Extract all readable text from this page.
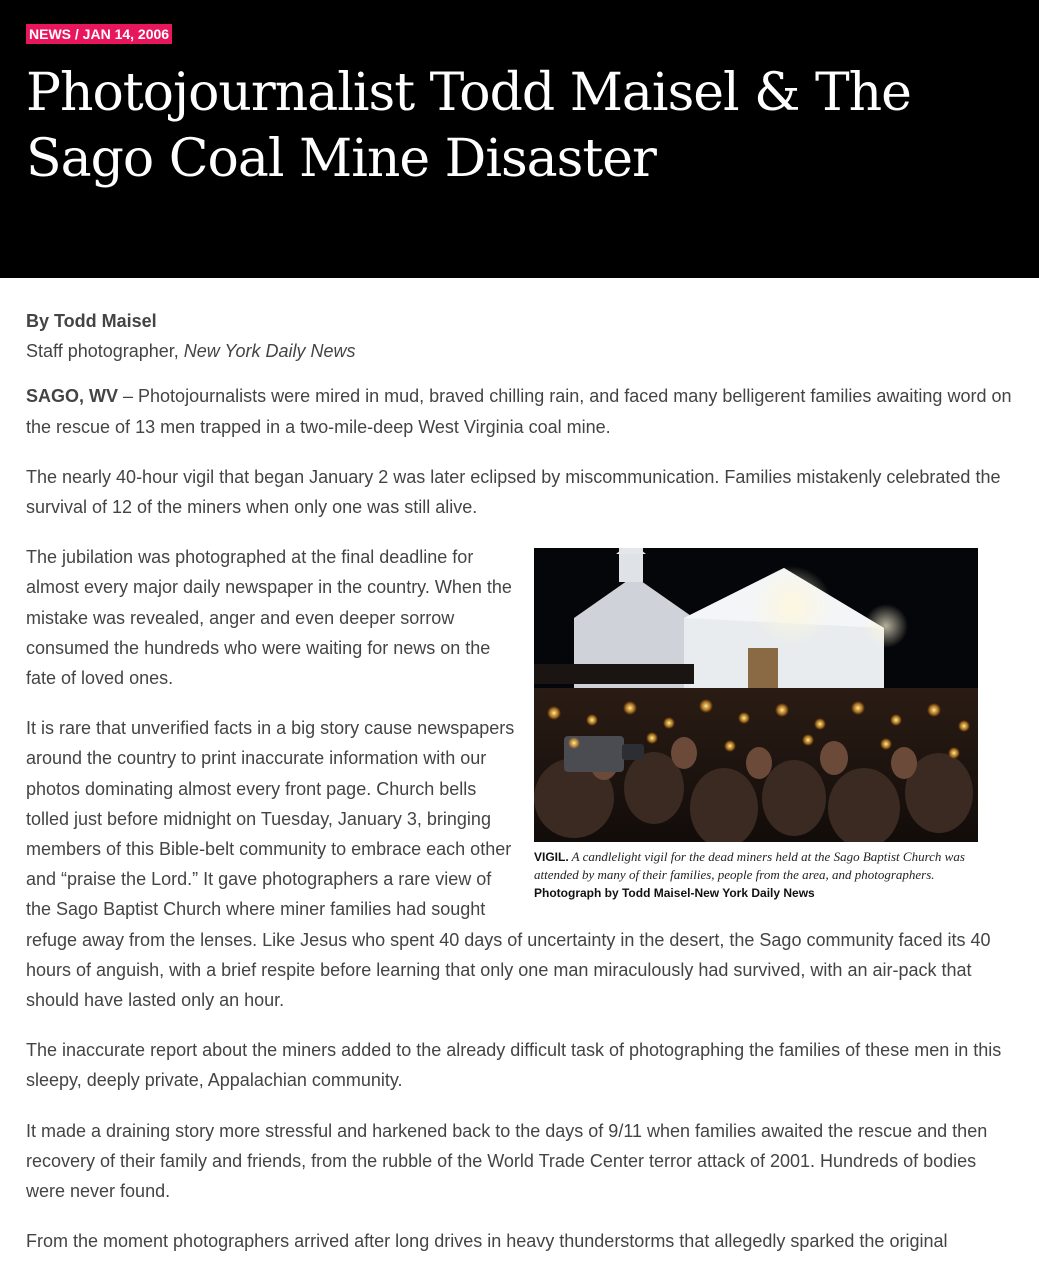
NEWS / JAN 14, 2006
Photojournalist Todd Maisel & The Sago Coal Mine Disaster
By Todd Maisel
Staff photographer, New York Daily News

SAGO, WV – Photojournalists were mired in mud, braved chilling rain, and faced many belligerent families awaiting word on the rescue of 13 men trapped in a two-mile-deep West Virginia coal mine.

The nearly 40-hour vigil that began January 2 was later eclipsed by miscommunication. Families mistakenly celebrated the survival of 12 of the miners when only one was still alive.

VIGIL. A candlelight vigil for the dead miners held at the Sago Baptist Church was attended by many of their families, people from the area, and photographers. Photograph by Todd Maisel-New York Daily News

The jubilation was photographed at the final deadline for almost every major daily newspaper in the country. When the mistake was revealed, anger and even deeper sorrow consumed the hundreds who were waiting for news on the fate of loved ones.

It is rare that unverified facts in a big story cause newspapers around the country to print inaccurate information with our photos dominating almost every front page. Church bells tolled just before midnight on Tuesday, January 3, bringing members of this Bible-belt community to embrace each other and “praise the Lord.” It gave photographers a rare view of the Sago Baptist Church where miner families had sought refuge away from the lenses. Like Jesus who spent 40 days of uncertainty in the desert, the Sago community faced its 40 hours of anguish, with a brief respite before learning that only one man miraculously had survived, with an air-pack that should have lasted only an hour.

The inaccurate report about the miners added to the already difficult task of photographing the families of these men in this sleepy, deeply private, Appalachian community.

It made a draining story more stressful and harkened back to the days of 9/11 when families awaited the rescue and then recovery of their family and friends, from the rubble of the World Trade Center terror attack of 2001. Hundreds of bodies were never found.

From the moment photographers arrived after long drives in heavy thunderstorms that allegedly sparked the original
